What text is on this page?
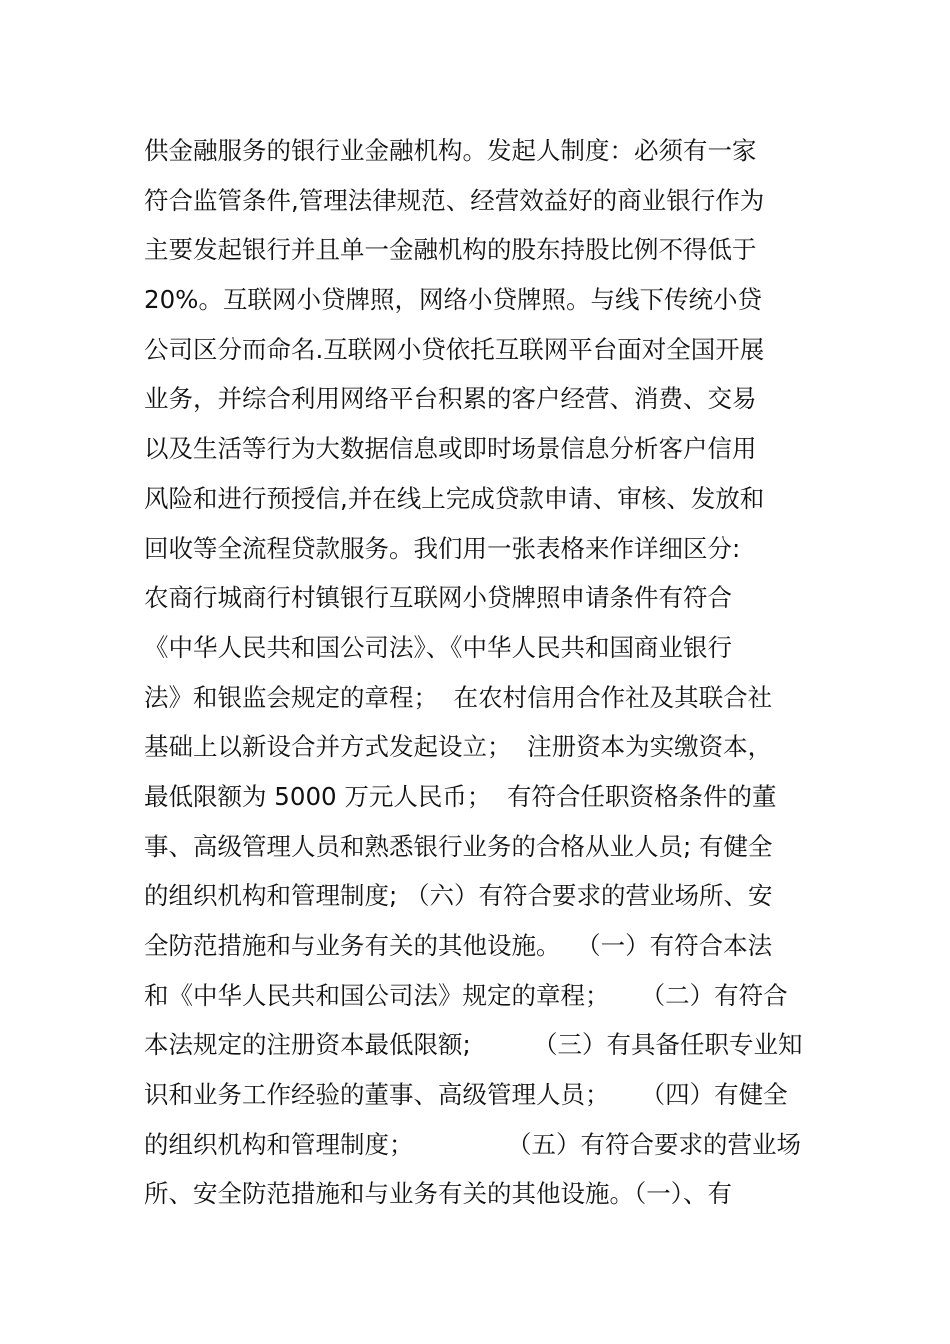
供金融服务的银行业金融机构。发起人制度：必须有一家
符合监管条件,管理法律规范、经营效益好的商业银行作为
主要发起银行并且单一金融机构的股东持股比例不得低于
20%。互联网小贷牌照，网络小贷牌照。与线下传统小贷
公司区分而命名.互联网小贷依托互联网平台面对全国开展
业务，并综合利用网络平台积累的客户经营、消费、交易
以及生活等行为大数据信息或即时场景信息分析客户信用
风险和进行预授信,并在线上完成贷款申请、审核、发放和
回收等全流程贷款服务。我们用一张表格来作详细区分:
农商行城商行村镇银行互联网小贷牌照申请条件有符合
《中华人民共和国公司法》、《中华人民共和国商业银行
法》和银监会规定的章程；  在农村信用合作社及其联合社
基础上以新设合并方式发起设立；  注册资本为实缴资本，
最低限额为 5000 万元人民币；  有符合任职资格条件的董
事、高级管理人员和熟悉银行业务的合格从业人员; 有健全
的组织机构和管理制度; （六）有符合要求的营业场所、安
全防范措施和与业务有关的其他设施。  （一）有符合本法
和《中华人民共和国公司法》规定的章程；    （二）有符合
本法规定的注册资本最低限额;        （三）有具备任职专业知
识和业务工作经验的董事、高级管理人员；    （四）有健全
的组织机构和管理制度；            （五）有符合要求的营业场
所、安全防范措施和与业务有关的其他设施。（一）、有
